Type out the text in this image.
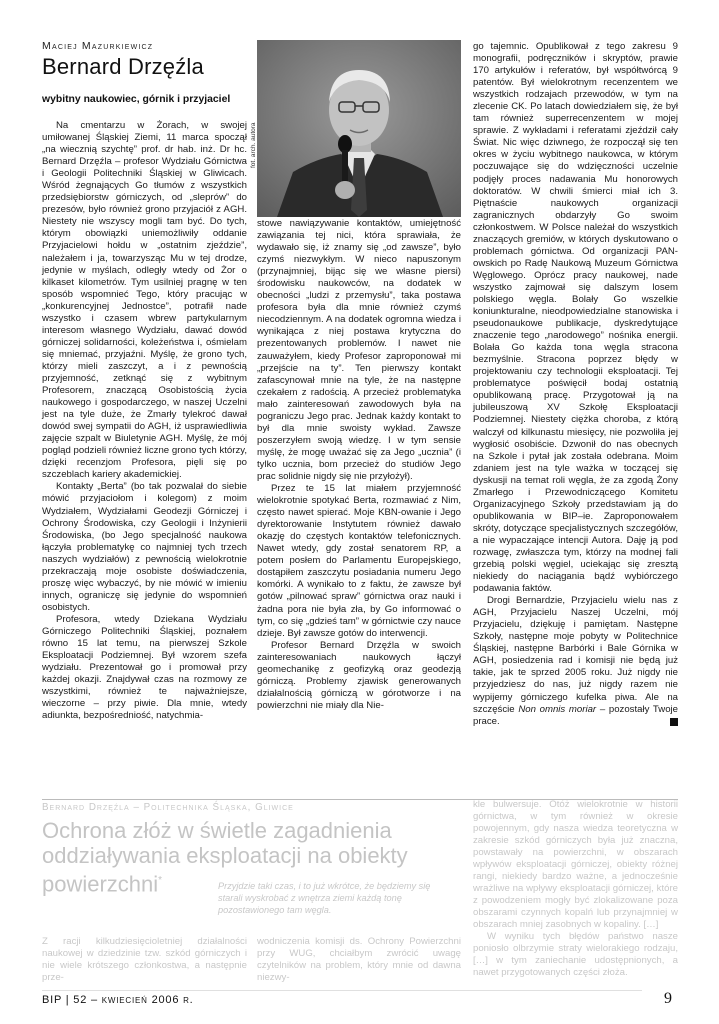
Maciej Mazurkiewicz
Bernard Drzęźla
wybitny naukowiec, górnik i przyjaciel
fot. arch. autora

Na cmentarzu w Żorach, w swojej umiłowanej Śląskiej Ziemi, 11 marca spoczął „na wiecznią szychtę” prof. dr hab. inż. Dr hc. Bernard Drzęźla – profesor Wydziału Górnictwa i Geologii Politechniki Śląskiej w Gliwicach. Wśród żegnających Go tłumów z wszystkich przedsiębiorstw górniczych, od „sleprów” do prezesów, było również grono przyjaciół z AGH. Niestety nie wszyscy mogli tam być. Do tych, którym obowiązki uniemożliwiły oddanie Przyjacielowi hołdu w „ostatnim zjeździe”, należałem i ja, towarzysząc Mu w tej drodze, jedynie w myślach, odległy wtedy od Żor o kilkaset kilometrów. Tym usilniej pragnę w ten sposób wspomnieć Tego, który pracując w „konkurencyjnej Jednostce”, potrafił nade wszystko i czasem wbrew partykularnym interesom własnego Wydziału, dawać dowód górniczej solidarności, koleżeństwa i, ośmielam się mniemać, przyjaźni. Myślę, że grono tych, którzy mieli zaszczyt, a i z pewnością przyjemność, zetknąć się z wybitnym Profesorem, znaczącą Osobistością życia naukowego i gospodarczego, w naszej Uczelni jest na tyle duże, że Zmarły tylekroć dawał dowód swej sympatii do AGH, iż usprawiedliwia zajęcie szpalt w Biuletynie AGH. Myślę, że mój pogląd podzieli również liczne grono tych którzy, dzięki recenzjom Profesora, pięli się po szczeblach kariery akademickiej.

Kontakty „Berta” (bo tak pozwalał do siebie mówić przyjaciołom i kolegom) z moim Wydziałem, Wydziałami Geodezji Górniczej i Ochrony Środowiska, czy Geologii i Inżynierii Środowiska, (bo Jego specjalność naukowa łączyła problematykę co najmniej tych trzech naszych wydziałów) z pewnością wielokrotnie przekraczają moje osobiste doświadczenia, proszę więc wybaczyć, by nie mówić w imieniu innych, ograniczę się jedynie do wspomnień osobistych.

Profesora, wtedy Dziekana Wydziału Górniczego Politechniki Śląskiej, poznałem równo 15 lat temu, na pierwszej Szkole Eksploatacji Podziemnej. Był wzorem szefa wydziału. Prezentował go i promował przy każdej okazji. Znajdywał czas na rozmowy ze wszystkimi, również te najważniejsze, wieczorne – przy piwie. Dla mnie, wtedy adiunkta, bezpośredniość, natychmia-

stowe nawiązywanie kontaktów, umiejętność zawiązania tej nici, która sprawiała, że wydawało się, iż znamy się „od zawsze”, było czymś niezwykłym. W nieco napuszonym (przynajmniej, bijąc się we własne piersi) środowisku naukowców, na dodatek w obecności „ludzi z przemysłu”, taka postawa profesora była dla mnie również czymś niecodziennym. A na dodatek ogromna wiedza i wynikająca z niej postawa krytyczna do prezentowanych problemów. I nawet nie zauważyłem, kiedy Profesor zaproponował mi „przejście na ty”. Ten pierwszy kontakt zafascynował mnie na tyle, że na następne czekałem z radością. A przecież problematyka mało zainteresowań zawodowych była na pograniczu Jego prac. Jednak każdy kontakt to był dla mnie swoisty wykład. Zawsze poszerzyłem swoją wiedzę. I w tym sensie myślę, że mogę uważać się za Jego „ucznia” (i tylko ucznia, bom przecież do studiów Jego prac solidnie nigdy się nie przyłożył).

Przez te 15 lat miałem przyjemność wielokrotnie spotykać Berta, rozmawiać z Nim, często nawet spierać. Moje KBN-owanie i Jego dyrektorowanie Instytutem również dawało okazję do częstych kontaktów telefonicznych. Nawet wtedy, gdy został senatorem RP, a potem posłem do Parlamentu Europejskiego, dostąpiłem zaszczytu posiadania numeru Jego komórki. A wynikało to z faktu, że zawsze był gotów „pilnować spraw” górnictwa oraz nauki i żadna pora nie była zła, by Go informować o tym, co się „gdzieś tam” w górnictwie czy nauce dzieje. Był zawsze gotów do interwencji.

Profesor Bernard Drzęźla w swoich zainteresowaniach naukowych łączył geomechanikę z geofizyką oraz geodezją górniczą. Problemy zjawisk generowanych działalnością górniczą w górotworze i na powierzchni nie miały dla Nie-

go tajemnic. Opublikował z tego zakresu 9 monografii, podręczników i skryptów, prawie 170 artykułów i referatów, był współtwórcą 9 patentów. Był wielokrotnym recenzentem we wszystkich rodzajach przewodów, w tym na zlecenie CK. Po latach dowiedziałem się, że był tam również superrecenzentem w mojej sprawie. Z wykładami i referatami zjeździł cały Świat. Nic więc dziwnego, że rozpoczął się ten okres w życiu wybitnego naukowca, w którym poczuwające się do wdzięczności uczelnie podjęły proces nadawania Mu honorowych doktoratów. W chwili śmierci miał ich 3. Piętnaście naukowych organizacji zagranicznych obdarzyły Go swoim członkostwem. W Polsce należał do wszystkich znaczących gremiów, w których dyskutowano o problemach górnictwa. Od organizacji PAN-owskich po Radę Naukową Muzeum Górnictwa Węglowego. Oprócz pracy naukowej, nade wszystko zajmował się dalszym losem polskiego węgla. Bolały Go wszelkie koniunkturalne, nieodpowiedzialne stanowiska i pseudonaukowe publikacje, dyskredytujące znaczenie tego „narodowego” nośnika energii. Bolała Go każda tona węgla stracona bezmyślnie. Stracona poprzez błędy w projektowaniu czy technologii eksploatacji. Tej problematyce poświęcił bodaj ostatnią opublikowaną pracę. Przygotował ją na jubileuszową XV Szkołę Eksploatacji Podziemnej. Niestety ciężka choroba, z którą walczył od kilkunastu miesięcy, nie pozwoliła jej wygłosić osobiście. Dzwonił do nas obecnych na Szkole i pytał jak została odebrana. Moim zdaniem jest na tyle ważka w toczącej się dyskusji na temat roli węgla, że za zgodą Żony Zmarłego i Przewodniczącego Komitetu Organizacyjnego Szkoły przedstawiam ją do opublikowania w BIP–ie. Zaproponowałem skróty, dotyczące specjalistycznych szczegółów, a nie wypaczające intencji Autora. Daję ją pod rozwagę, zwłaszcza tym, którzy na modnej fali grzebią polski węgiel, uciekając się zresztą niekiedy do naciągania bądź wybiórczego podawania faktów.

Drogi Bernardzie, Przyjacielu wielu nas z AGH, Przyjacielu Naszej Uczelni, mój Przyjacielu, dziękuję i pamiętam. Następne Szkoły, następne moje pobyty w Politechnice Śląskiej, następne Barbórki i Bale Górnika w AGH, posiedzenia rad i komisji nie będą już takie, jak te sprzed 2005 roku. Już nigdy nie przyjedziesz do nas, już nigdy razem nie wypijemy górniczego kufelka piwa. Ale na szczęście Non omnis moriar – pozostały Twoje prace.

Bernard Drzęźla – Politechnika Śląska, Gliwice
Ochrona złóż w świetle zagadnienia oddziaływania eksploatacji na obiekty powierzchni*	Przyjdzie taki czas, i to już wkrótce, że będziemy się starali wyskrobać z wnętrza ziemi każdą tonę pozostawionego tam węgla.
Z racji kilkudziesięcioletniej działalności naukowej w dziedzinie tzw. szkód górniczych i nie wiele krótszego członkostwa, a następnie prze-
wodniczenia komisji ds. Ochrony Powierzchni przy WUG, chciałbym zwrócić uwagę czytelników na problem, który mnie od dawna niezwy-
kle bulwersuje. Otóż wielokrotnie w historii górnictwa, w tym również w okresie powojennym, gdy nasza wiedza teoretyczna w zakresie szkód górniczych była już znaczna, powstawały na powierzchni, w obszarach wpływów eksploatacji górniczej, obiekty różnej rangi, niekiedy bardzo ważne, a jednocześnie wrażliwe na wpływy eksploatacji górniczej, które z powodzeniem mogły być zlokalizowane poza obszarami czynnych kopalń lub przynajmniej w obszarach mniej zasobnych w kopaliny. […]
W wyniku tych błędów państwo nasze poniosło olbrzymie straty wielorakiego rodzaju, […] w tym zaniechanie udostępnionych, a nawet przygotowanych części złoża.
BIP | 52 – kwiecień 2006 r.	9
